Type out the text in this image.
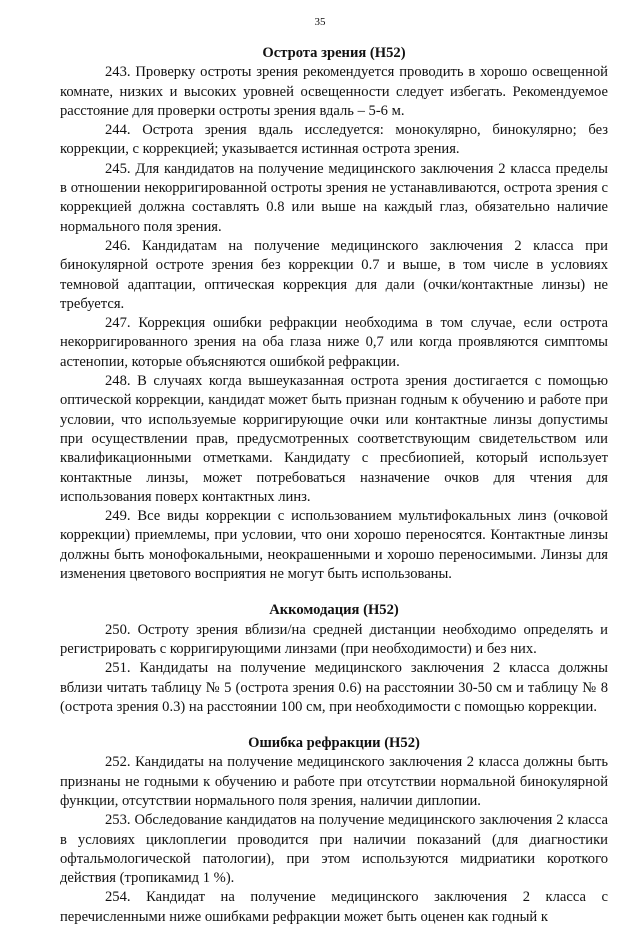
35
Острота зрения (Н52)

243. Проверку остроты зрения рекомендуется проводить в хорошо освещенной комнате, низких и высоких уровней освещенности следует избегать. Рекомендуемое расстояние для проверки остроты зрения вдаль – 5-6 м.

244. Острота зрения вдаль исследуется: монокулярно, бинокулярно; без коррекции, с коррекцией; указывается истинная острота зрения.

245. Для кандидатов на получение медицинского заключения 2 класса пределы в отношении некорригированной остроты зрения не устанавливаются, острота зрения с коррекцией должна составлять 0.8 или выше на каждый глаз, обязательно наличие нормального поля зрения.

246. Кандидатам на получение медицинского заключения 2 класса при бинокулярной остроте зрения без коррекции 0.7 и выше, в том числе в условиях темновой адаптации, оптическая коррекция для дали (очки/контактные линзы) не требуется.

247. Коррекция ошибки рефракции необходима в том случае, если острота некорригированного зрения на оба глаза ниже 0,7 или когда проявляются симптомы астенопии, которые объясняются ошибкой рефракции.

248. В случаях когда вышеуказанная острота зрения достигается с помощью оптической коррекции, кандидат может быть признан годным к обучению и работе при условии, что используемые корригирующие очки или контактные линзы допустимы при осуществлении прав, предусмотренных соответствующим свидетельством или квалификационными отметками. Кандидату с пресбиопией, который использует контактные линзы, может потребоваться назначение очков для чтения для использования поверх контактных линз.

249. Все виды коррекции с использованием мультифокальных линз (очковой коррекции) приемлемы, при условии, что они хорошо переносятся. Контактные линзы должны быть монофокальными, неокрашенными и хорошо переносимыми. Линзы для изменения цветового восприятия не могут быть использованы.

Аккомодация (Н52)

250. Остроту зрения вблизи/на средней дистанции необходимо определять и регистрировать с корригирующими линзами (при необходимости) и без них.

251. Кандидаты на получение медицинского заключения 2 класса должны вблизи читать таблицу № 5 (острота зрения 0.6) на расстоянии 30-50 см и таблицу № 8 (острота зрения 0.3) на расстоянии 100 см, при необходимости с помощью коррекции.

Ошибка рефракции (Н52)

252. Кандидаты на получение медицинского заключения 2 класса должны быть признаны не годными к обучению и работе при отсутствии нормальной бинокулярной функции, отсутствии нормального поля зрения, наличии диплопии.

253. Обследование кандидатов на получение медицинского заключения 2 класса в условиях циклоплегии проводится при наличии показаний (для диагностики офтальмологической патологии), при этом используются мидриатики короткого действия (тропикамид 1 %).

254. Кандидат на получение медицинского заключения 2 класса с перечисленными ниже ошибками рефракции может быть оценен как годный к
